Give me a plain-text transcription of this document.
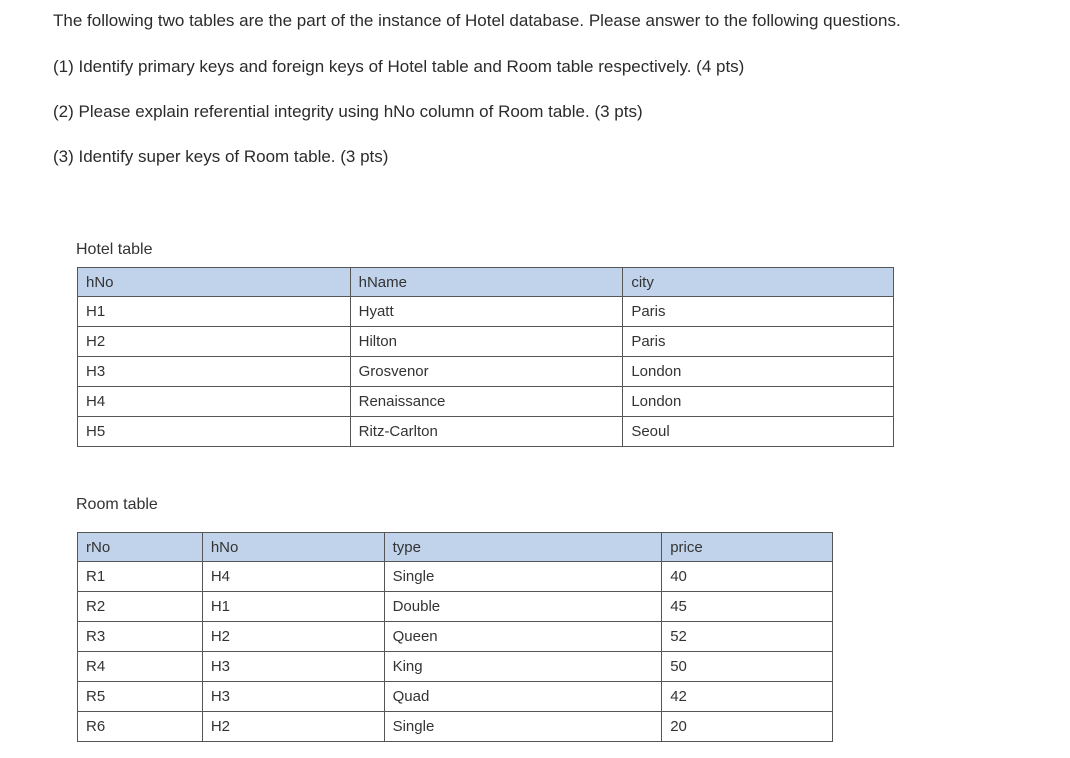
The following two tables are the part of the instance of Hotel database. Please answer to the following questions.
(1) Identify primary keys and foreign keys of Hotel table and Room table respectively. (4 pts)
(2) Please explain referential integrity using hNo column of Room table. (3 pts)
(3) Identify super keys of Room table. (3 pts)
Hotel table
hNo	hName	city
H1	Hyatt	Paris
H2	Hilton	Paris
H3	Grosvenor	London
H4	Renaissance	London
H5	Ritz-Carlton	Seoul
Room table
rNo	hNo	type	price
R1	H4	Single	40
R2	H1	Double	45
R3	H2	Queen	52
R4	H3	King	50
R5	H3	Quad	42
R6	H2	Single	20
